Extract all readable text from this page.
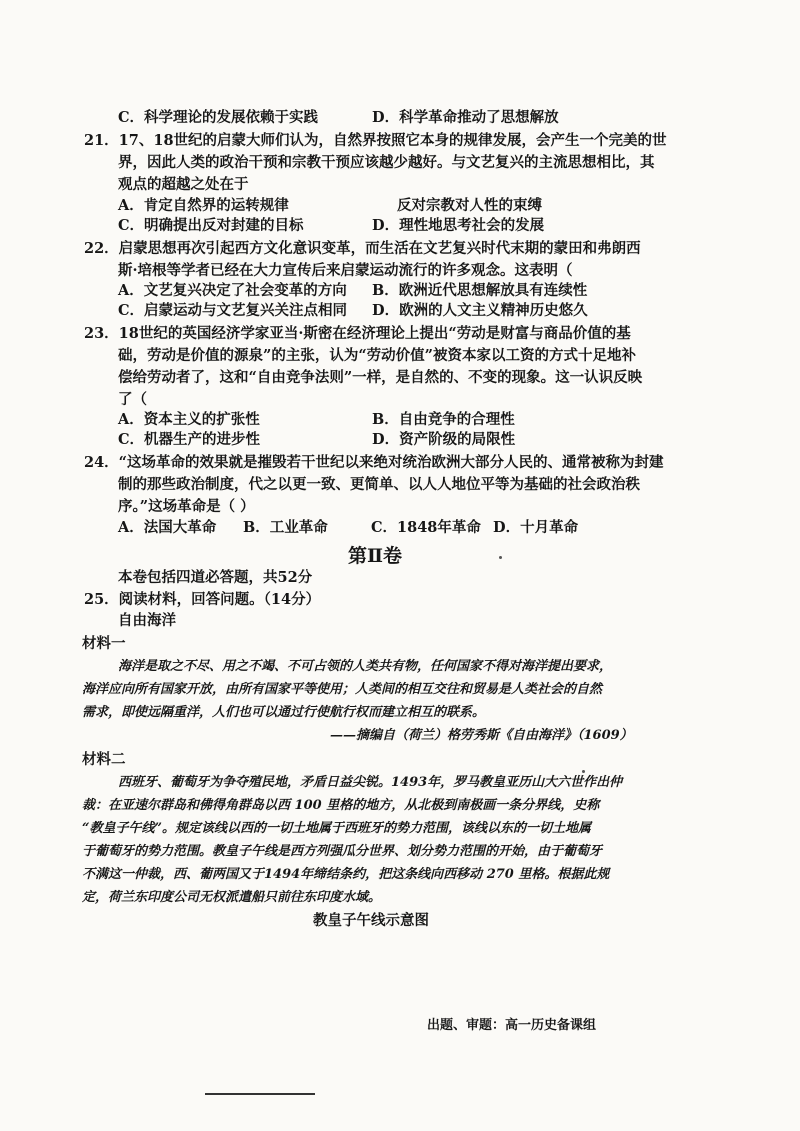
C．科学理论的发展依赖于实践	D．科学革命推动了思想解放
21．17、18世纪的启蒙大师们认为，自然界按照它本身的规律发展，会产生一个完美的世
界，因此人类的政治干预和宗教干预应该越少越好。与文艺复兴的主流思想相比，其
观点的超越之处在于
A．肯定自然界的运转规律	反对宗教对人性的束缚
C．明确提出反对封建的目标	D．理性地思考社会的发展
22．启蒙思想再次引起西方文化意识变革，而生活在文艺复兴时代末期的蒙田和弗朗西
斯·培根等学者已经在大力宣传后来启蒙运动流行的许多观念。这表明（
A．文艺复兴决定了社会变革的方向 B．欧洲近代思想解放具有连续性
C．启蒙运动与文艺复兴关注点相同 D．欧洲的人文主义精神历史悠久
23．18世纪的英国经济学家亚当·斯密在经济理论上提出“劳动是财富与商品价值的基
础，劳动是价值的源泉”的主张，认为“劳动价值”被资本家以工资的方式十足地补
偿给劳动者了，这和“自由竞争法则”一样，是自然的、不变的现象。这一认识反映
了（
A．资本主义的扩张性	B．自由竞争的合理性
C．机器生产的进步性	D．资产阶级的局限性
24．“这场革命的效果就是摧毁若干世纪以来绝对统治欧洲大部分人民的、通常被称为封建
制的那些政治制度，代之以更一致、更简单、以人人地位平等为基础的社会政治秩
序。”这场革命是（ ）
A．法国大革命 B．工业革命	C．1848年革命 D．十月革命
第Ⅱ卷
本卷包括四道必答题，共52分
25．阅读材料，回答问题。（14分）
自由海洋
材料一
海洋是取之不尽、用之不竭、不可占领的人类共有物，任何国家不得对海洋提出要求，
海洋应向所有国家开放，由所有国家平等使用；人类间的相互交往和贸易是人类社会的自然
需求，即使远隔重洋，人们也可以通过行使航行权而建立相互的联系。
——摘编自（荷兰）格劳秀斯《自由海洋》（1609）
材料二
西班牙、葡萄牙为争夺殖民地，矛盾日益尖锐。1493年，罗马教皇亚历山大六世作出仲
裁：在亚速尔群岛和佛得角群岛以西 100 里格的地方，从北极到南极画一条分界线，史称
“教皇子午线”。规定该线以西的一切土地属于西班牙的势力范围，该线以东的一切土地属
于葡萄牙的势力范围。教皇子午线是西方列强瓜分世界、划分势力范围的开始，由于葡萄牙
不满这一仲裁，西、葡两国又于1494年缔结条约，把这条线向西移动 270 里格。根据此规
定，荷兰东印度公司无权派遣船只前往东印度水域。
教皇子午线示意图
出题、审题：高一历史备课组
